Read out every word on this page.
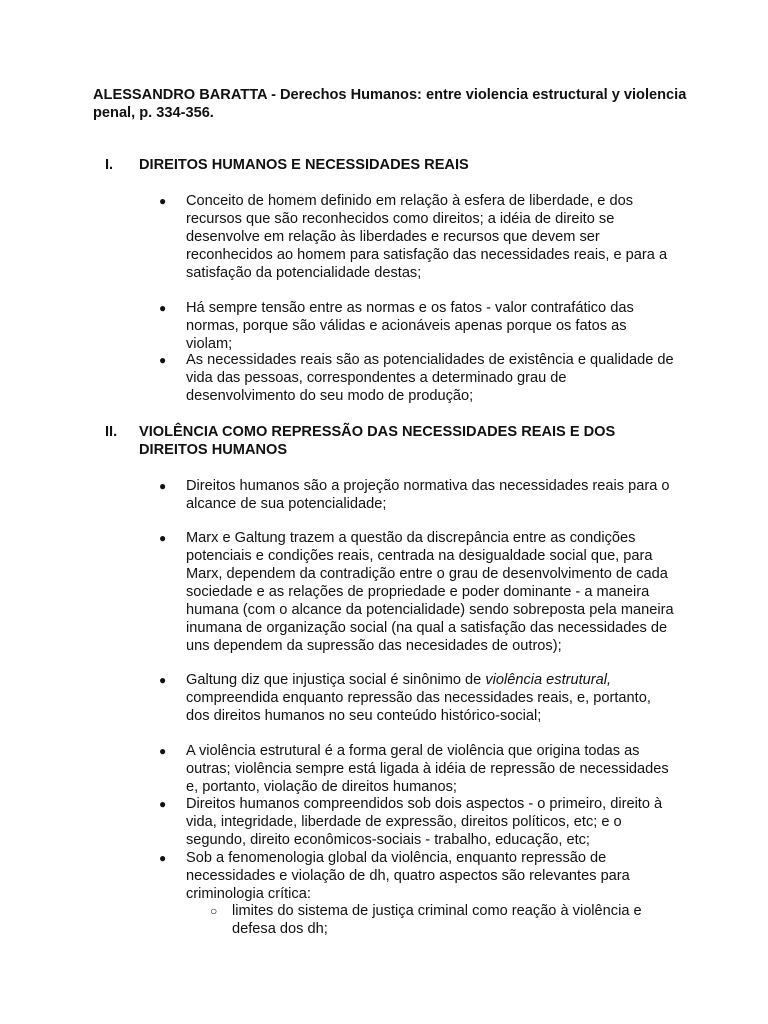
ALESSANDRO BARATTA - Derechos Humanos: entre violencia estructural y violencia penal, p. 334-356.

I. DIREITOS HUMANOS E NECESSIDADES REAIS

● Conceito de homem definido em relação à esfera de liberdade, e dos recursos que são reconhecidos como direitos; a idéia de direito se desenvolve em relação às liberdades e recursos que devem ser reconhecidos ao homem para satisfação das necessidades reais, e para a satisfação da potencialidade destas;

● Há sempre tensão entre as normas e os fatos - valor contrafático das normas, porque são válidas e acionáveis apenas porque os fatos as violam;

● As necessidades reais são as potencialidades de existência e qualidade de vida das pessoas, correspondentes a determinado grau de desenvolvimento do seu modo de produção;

II. VIOLÊNCIA COMO REPRESSÃO DAS NECESSIDADES REAIS E DOS DIREITOS HUMANOS

● Direitos humanos são a projeção normativa das necessidades reais para o alcance de sua potencialidade;

● Marx e Galtung trazem a questão da discrepância entre as condições potenciais e condições reais, centrada na desigualdade social que, para Marx, dependem da contradição entre o grau de desenvolvimento de cada sociedade e as relações de propriedade e poder dominante - a maneira humana (com o alcance da potencialidade) sendo sobreposta pela maneira inumana de organização social (na qual a satisfação das necessidades de uns dependem da supressão das necesidades de outros);

● Galtung diz que injustiça social é sinônimo de violência estrutural, compreendida enquanto repressão das necessidades reais, e, portanto, dos direitos humanos no seu conteúdo histórico-social;

● A violência estrutural é a forma geral de violência que origina todas as outras; violência sempre está ligada à idéia de repressão de necessidades e, portanto, violação de direitos humanos;

● Direitos humanos compreendidos sob dois aspectos - o primeiro, direito à vida, integridade, liberdade de expressão, direitos políticos, etc; e o segundo, direito econômicos-sociais - trabalho, educação, etc;

● Sob a fenomenologia global da violência, enquanto repressão de necessidades e violação de dh, quatro aspectos são relevantes para criminologia crítica:

○ limites do sistema de justiça criminal como reação à violência e defesa dos dh;
